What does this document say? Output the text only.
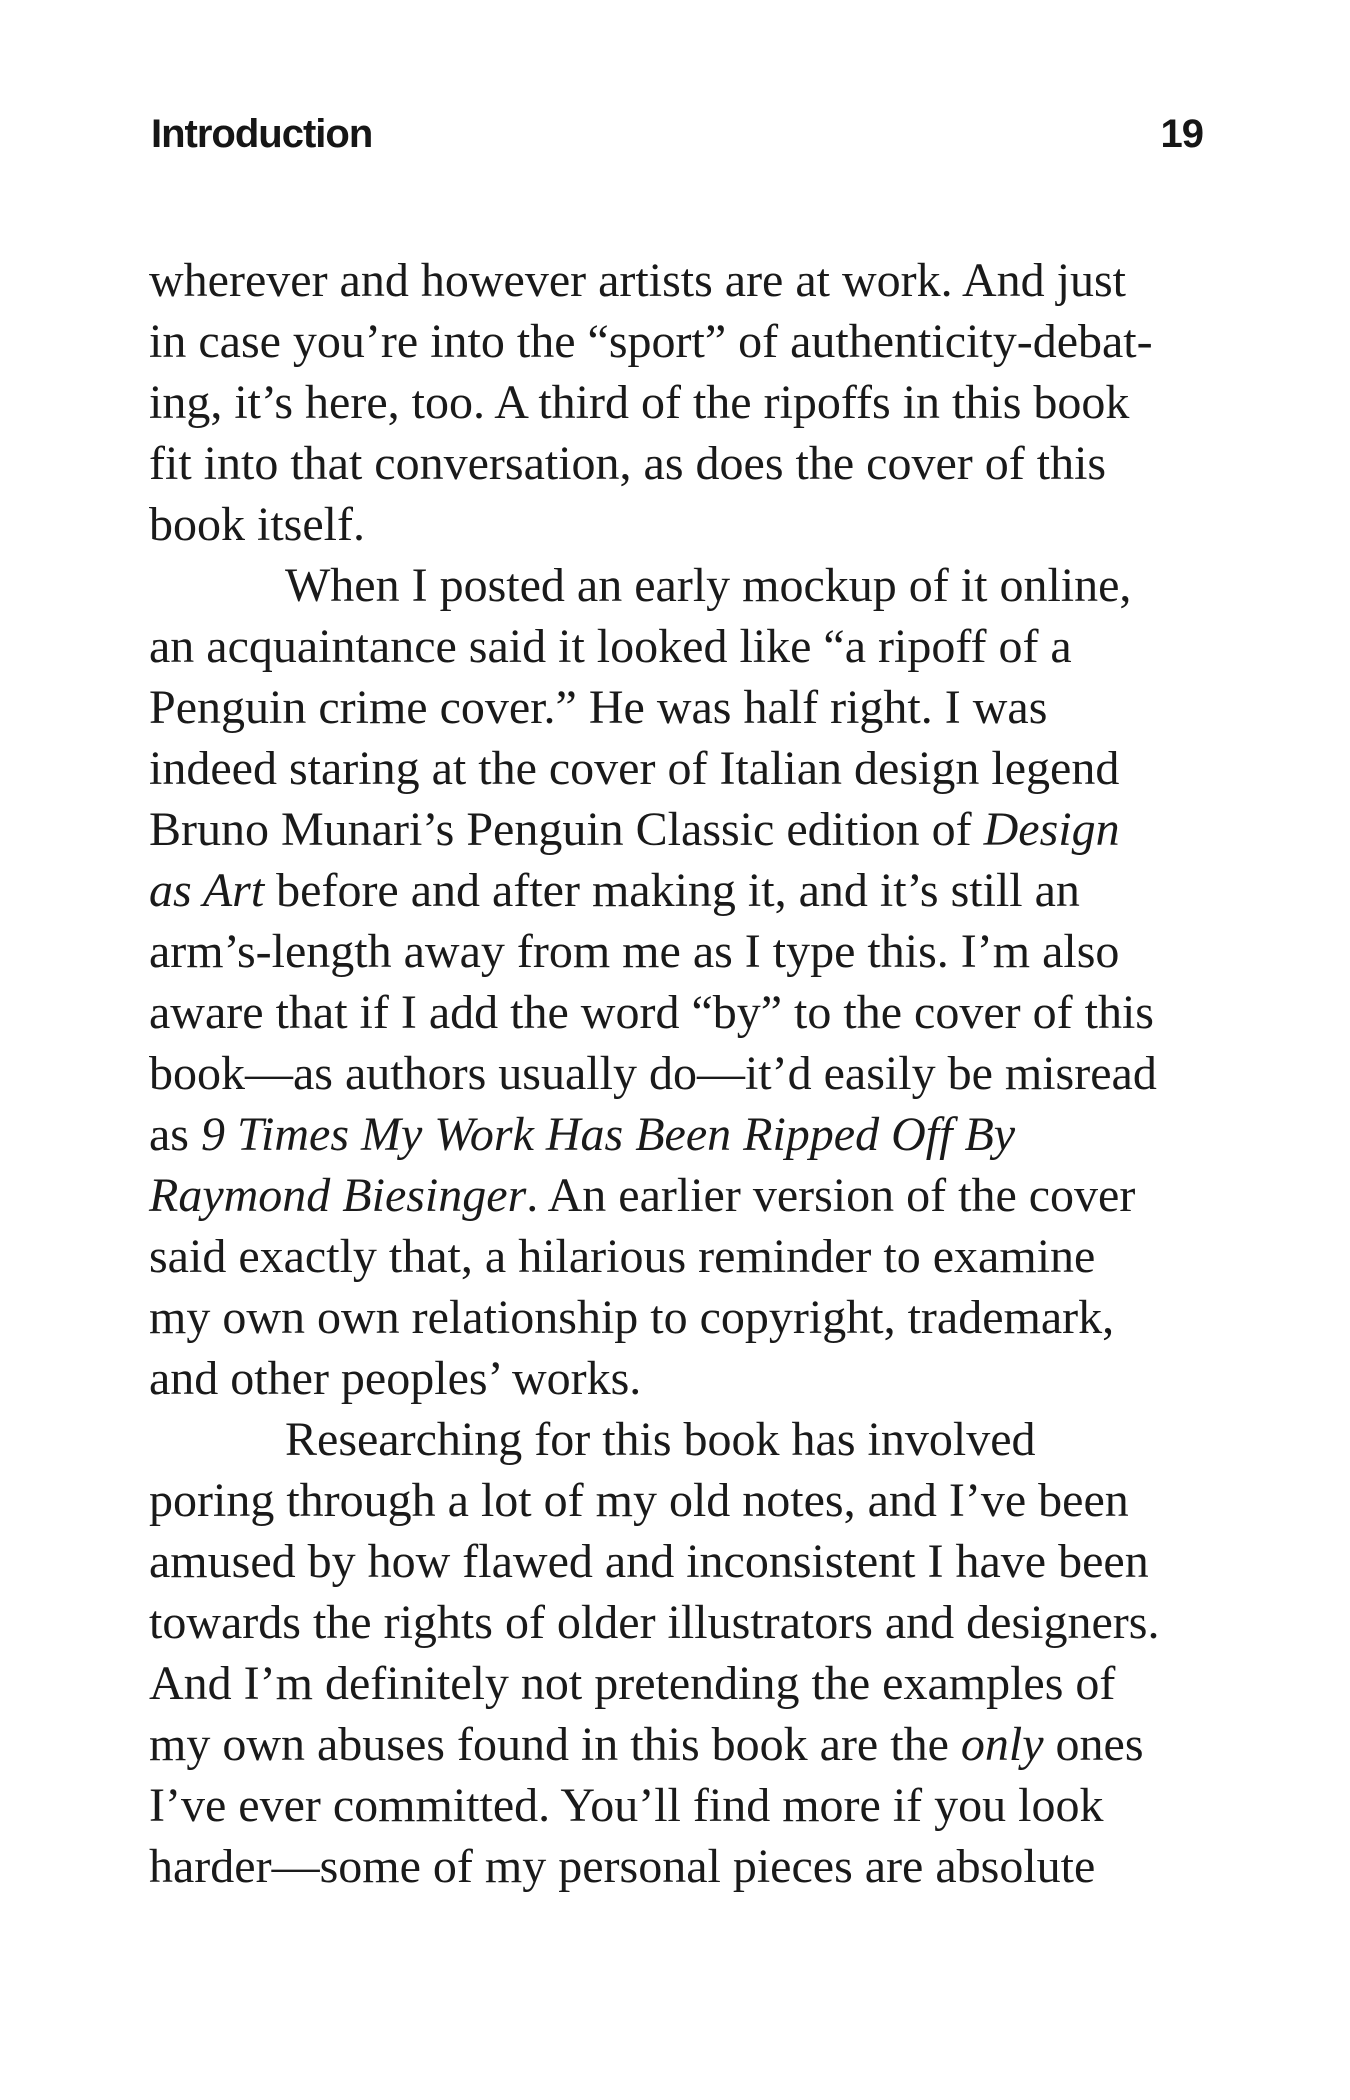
Introduction	19
wherever and however artists are at work. And just
in case you’re into the “sport” of authenticity-debat-
ing, it’s here, too. A third of the ripoffs in this book
fit into that conversation, as does the cover of this
book itself.
When I posted an early mockup of it online,
an acquaintance said it looked like “a ripoff of a
Penguin crime cover.” He was half right. I was
indeed staring at the cover of Italian design legend
Bruno Munari’s Penguin Classic edition of Design
as Art before and after making it, and it’s still an
arm’s-length away from me as I type this. I’m also
aware that if I add the word “by” to the cover of this
book—as authors usually do—it’d easily be misread
as 9 Times My Work Has Been Ripped Off By
Raymond Biesinger. An earlier version of the cover
said exactly that, a hilarious reminder to examine
my own own relationship to copyright, trademark,
and other peoples’ works.
Researching for this book has involved
poring through a lot of my old notes, and I’ve been
amused by how flawed and inconsistent I have been
towards the rights of older illustrators and designers.
And I’m definitely not pretending the examples of
my own abuses found in this book are the only ones
I’ve ever committed. You’ll find more if you look
harder—some of my personal pieces are absolute
